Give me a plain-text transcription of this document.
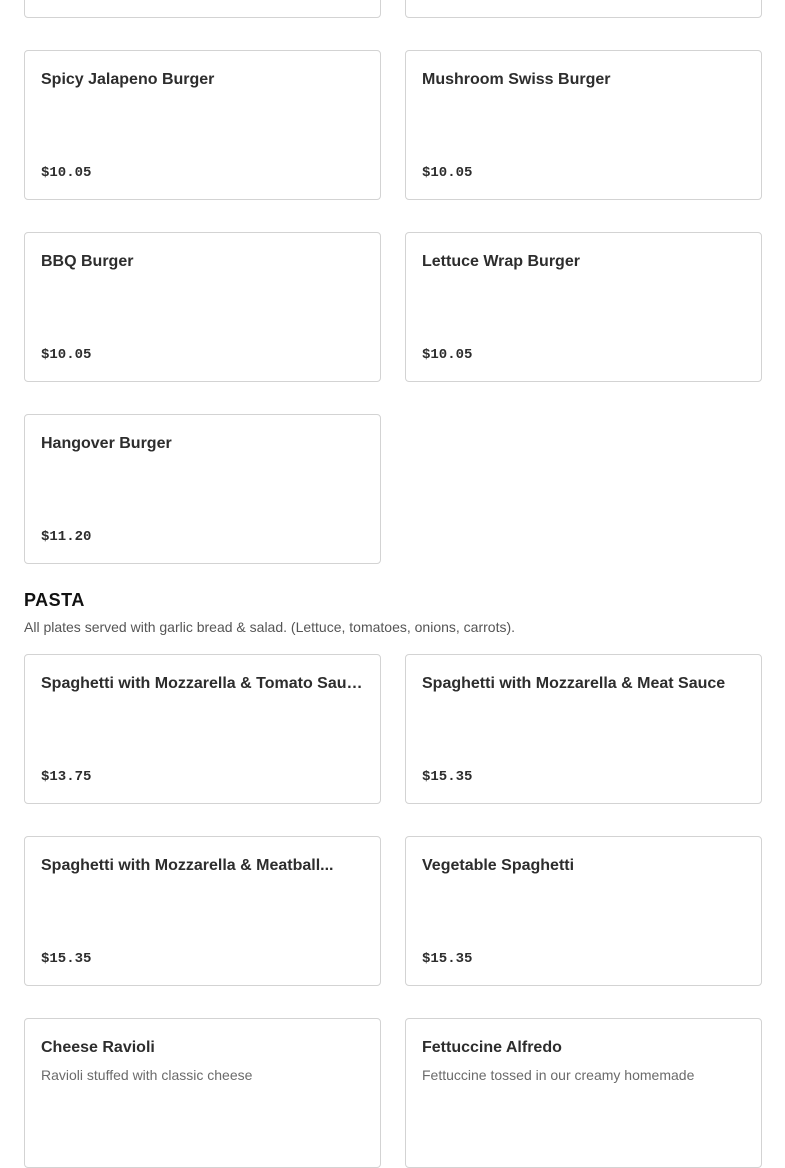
Spicy Jalapeno Burger
$10.05
Mushroom Swiss Burger
$10.05
BBQ Burger
$10.05
Lettuce Wrap Burger
$10.05
Hangover Burger
$11.20
PASTA
All plates served with garlic bread & salad. (Lettuce, tomatoes, onions, carrots).
Spaghetti with Mozzarella & Tomato Sauce
$13.75
Spaghetti with Mozzarella & Meat Sauce
$15.35
Spaghetti with Mozzarella & Meatball...
$15.35
Vegetable Spaghetti
$15.35
Cheese Ravioli
Ravioli stuffed with classic cheese
Fettuccine Alfredo
Fettuccine tossed in our creamy homemade
